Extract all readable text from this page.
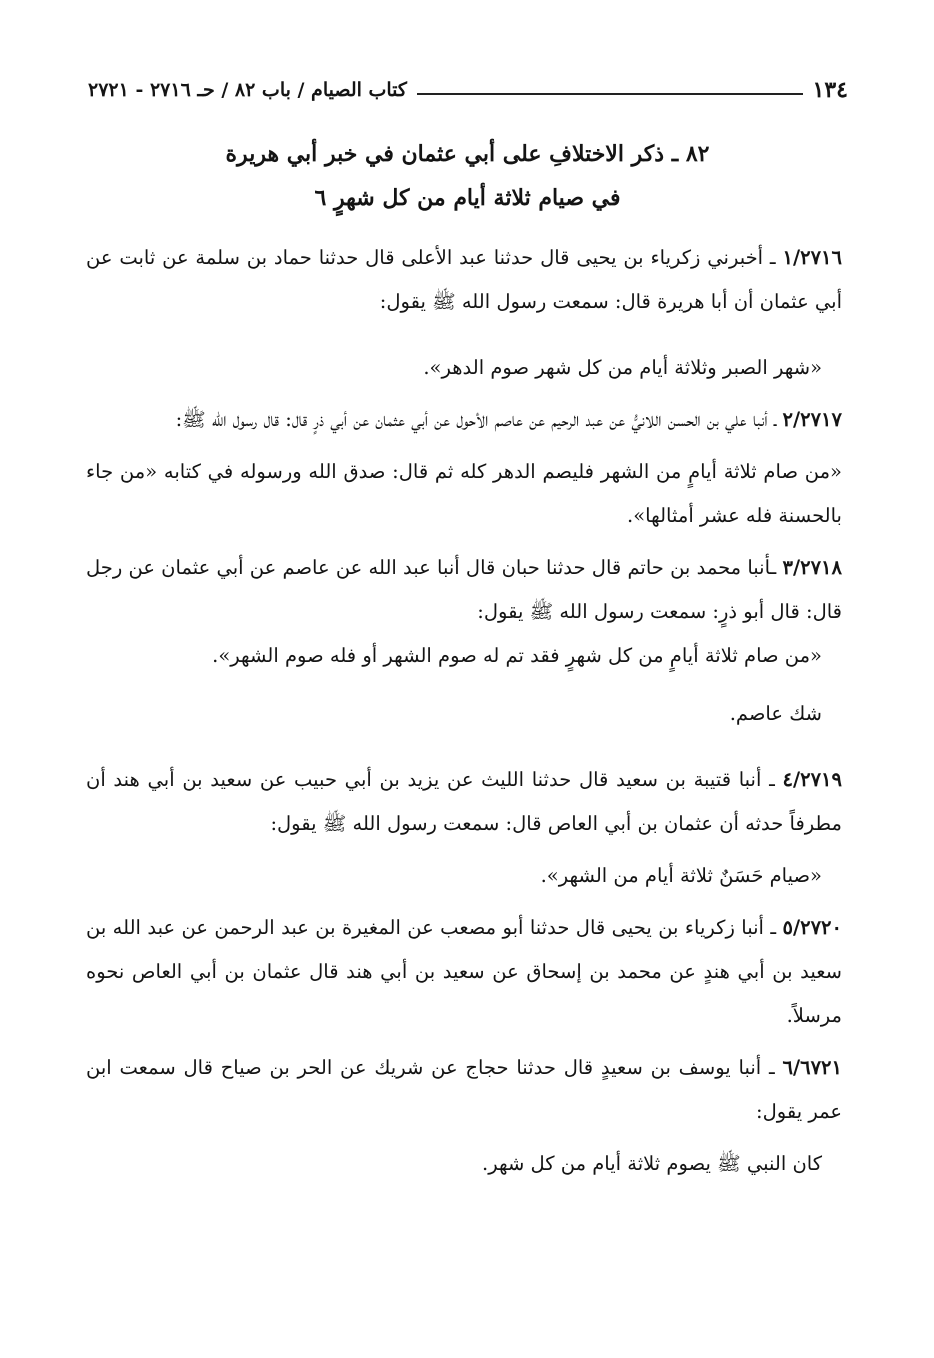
١٣٤
كتاب الصيام / باب ٨٢ / حـ ٢٧١٦ - ٢٧٢١
٨٢ ـ ذكر الاختلافِ على أبي عثمان في خبر أبي هريرة
في صيام ثلاثة أيام من كل شهرٍ ٦

١/٢٧١٦ ـ أخبرني زكرياء بن يحيى قال حدثنا عبد الأعلى قال حدثنا حماد بن سلمة عن ثابت عن أبي عثمان أن أبا هريرة قال: سمعت رسول الله ﷺ يقول:

«شهر الصبر وثلاثة أيام من كل شهر صوم الدهر».

٢/٢٧١٧ ـ أنبا علي بن الحسن اللانيُّ عن عبد الرحيم عن عاصم الأحول عن أبي عثمان عن أبي ذرٍ قال: قال رسول الله ﷺ:

«من صام ثلاثة أيامٍ من الشهر فليصم الدهر كله ثم قال: صدق الله ورسوله في كتابه «من جاء بالحسنة فله عشر أمثالها».

٣/٢٧١٨ ـأنبا محمد بن حاتم قال حدثنا حبان قال أنبا عبد الله عن عاصم عن أبي عثمان عن رجل قال: قال أبو ذرٍ: سمعت رسول الله ﷺ يقول:

«من صام ثلاثة أيامٍ من كل شهرٍ فقد تم له صوم الشهر أو فله صوم الشهر».

شك عاصم.

٤/٢٧١٩ ـ أنبا قتيبة بن سعيد قال حدثنا الليث عن يزيد بن أبي حبيب عن سعيد بن أبي هند أن مطرفاً حدثه أن عثمان بن أبي العاص قال: سمعت رسول الله ﷺ يقول:

«صيام حَسَنٌ ثلاثة أيام من الشهر».

٥/٢٧٢٠ ـ أنبا زكرياء بن يحيى قال حدثنا أبو مصعب عن المغيرة بن عبد الرحمن عن عبد الله بن سعيد بن أبي هندٍ عن محمد بن إسحاق عن سعيد بن أبي هند قال عثمان بن أبي العاص نحوه مرسلاً.

٦/٦٧٢١ ـ أنبا يوسف بن سعيدٍ قال حدثنا حجاج عن شريك عن الحر بن صياح قال سمعت ابن عمر يقول:

كان النبي ﷺ يصوم ثلاثة أيام من كل شهر.
